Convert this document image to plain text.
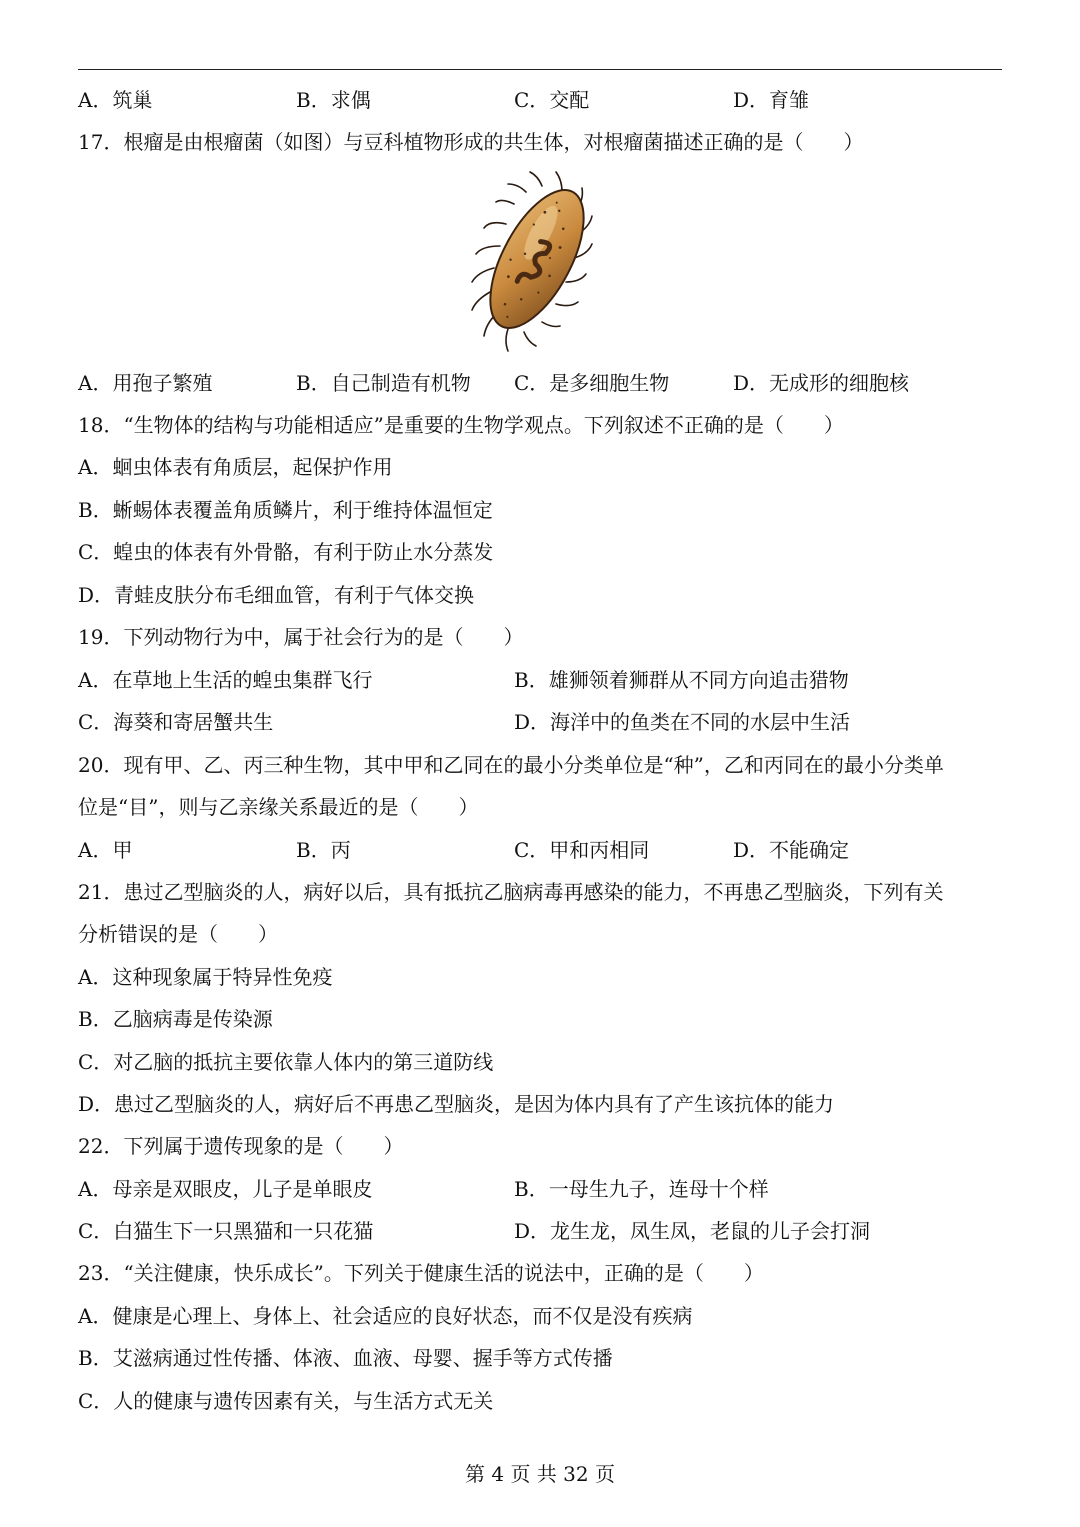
A．筑巢	B．求偶	C．交配	D．育雏
17．根瘤是由根瘤菌（如图）与豆科植物形成的共生体，对根瘤菌描述正确的是（　　）
A．用孢子繁殖	B．自己制造有机物 C．是多细胞生物	D．无成形的细胞核
18．“生物体的结构与功能相适应”是重要的生物学观点。下列叙述不正确的是（　　）
A．蛔虫体表有角质层，起保护作用
B．蜥蜴体表覆盖角质鳞片，利于维持体温恒定
C．蝗虫的体表有外骨骼，有利于防止水分蒸发
D．青蛙皮肤分布毛细血管，有利于气体交换
19．下列动物行为中，属于社会行为的是（　　）
A．在草地上生活的蝗虫集群飞行	B．雄狮领着狮群从不同方向追击猎物
C．海葵和寄居蟹共生	D．海洋中的鱼类在不同的水层中生活
20．现有甲、乙、丙三种生物，其中甲和乙同在的最小分类单位是“种”，乙和丙同在的最小分类单
位是“目”，则与乙亲缘关系最近的是（　　）
A．甲	B．丙	C．甲和丙相同	D．不能确定
21．患过乙型脑炎的人，病好以后，具有抵抗乙脑病毒再感染的能力，不再患乙型脑炎，下列有关
分析错误的是（　　）
A．这种现象属于特异性免疫
B．乙脑病毒是传染源
C．对乙脑的抵抗主要依靠人体内的第三道防线
D．患过乙型脑炎的人，病好后不再患乙型脑炎，是因为体内具有了产生该抗体的能力
22．下列属于遗传现象的是（　　）
A．母亲是双眼皮，儿子是单眼皮	B．一母生九子，连母十个样
C．白猫生下一只黑猫和一只花猫	D．龙生龙，凤生凤，老鼠的儿子会打洞
23．“关注健康，快乐成长”。下列关于健康生活的说法中，正确的是（　　）
A．健康是心理上、身体上、社会适应的良好状态，而不仅是没有疾病
B．艾滋病通过性传播、体液、血液、母婴、握手等方式传播
C．人的健康与遗传因素有关，与生活方式无关
第 4 页 共 32 页
